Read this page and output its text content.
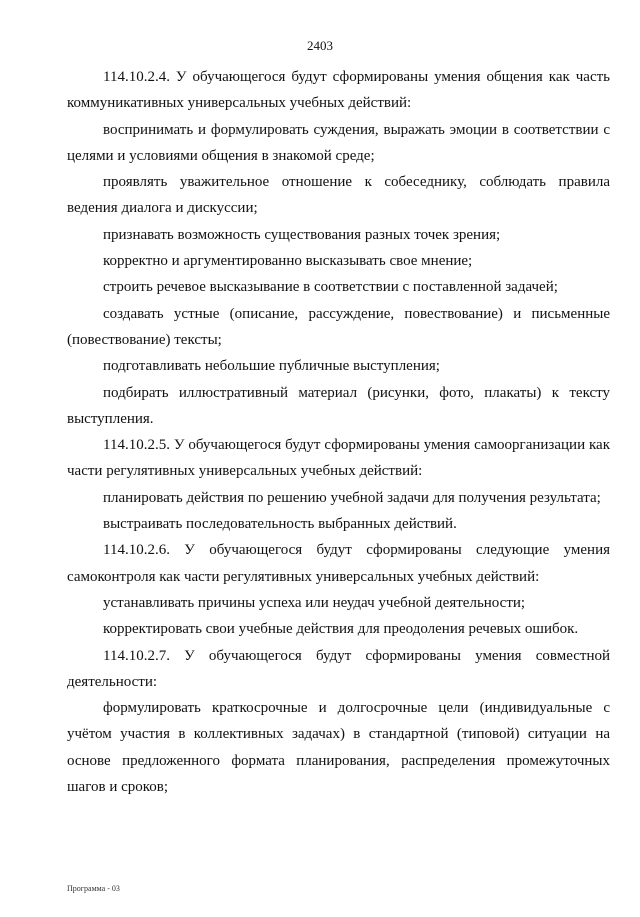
2403

114.10.2.4. У обучающегося будут сформированы умения общения как часть коммуникативных универсальных учебных действий:

воспринимать и формулировать суждения, выражать эмоции в соответствии с целями и условиями общения в знакомой среде;

проявлять уважительное отношение к собеседнику, соблюдать правила ведения диалога и дискуссии;

признавать возможность существования разных точек зрения;

корректно и аргументированно высказывать свое мнение;

строить речевое высказывание в соответствии с поставленной задачей;

создавать устные (описание, рассуждение, повествование) и письменные (повествование) тексты;

подготавливать небольшие публичные выступления;

подбирать иллюстративный материал (рисунки, фото, плакаты) к тексту выступления.

114.10.2.5. У обучающегося будут сформированы умения самоорганизации как части регулятивных универсальных учебных действий:

планировать действия по решению учебной задачи для получения результата;

выстраивать последовательность выбранных действий.

114.10.2.6. У обучающегося будут сформированы следующие умения самоконтроля как части регулятивных универсальных учебных действий:

устанавливать причины успеха или неудач учебной деятельности;

корректировать свои учебные действия для преодоления речевых ошибок.

114.10.2.7. У обучающегося будут сформированы умения совместной деятельности:

формулировать краткосрочные и долгосрочные цели (индивидуальные с учётом участия в коллективных задачах) в стандартной (типовой) ситуации на основе предложенного формата планирования, распределения промежуточных шагов и сроков;

Программа - 03
